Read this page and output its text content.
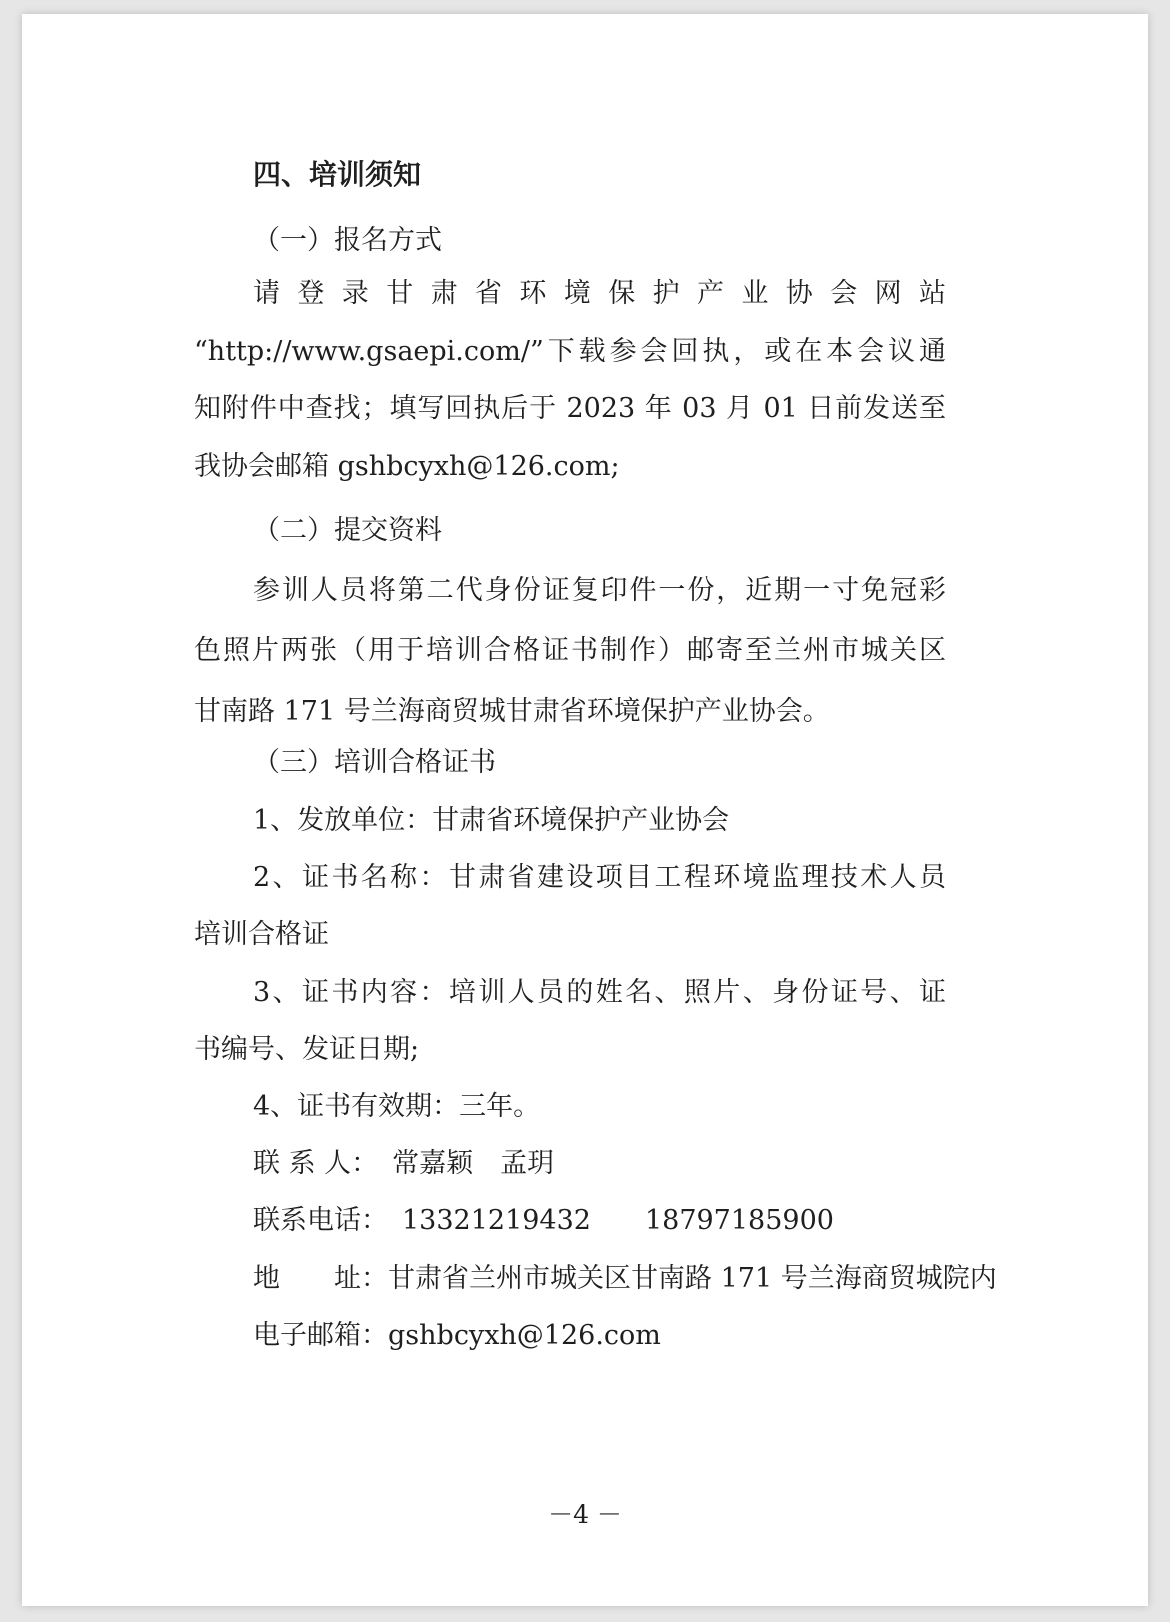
四、培训须知
（一）报名方式
请登录甘肃省环境保护产业协会网站
“http://www.gsaepi.com/”下载参会回执，或在本会议通
知附件中查找；填写回执后于 2023 年 03 月 01 日前发送至
我协会邮箱 gshbcyxh@126.com;
（二）提交资料
参训人员将第二代身份证复印件一份，近期一寸免冠彩
色照片两张（用于培训合格证书制作）邮寄至兰州市城关区
甘南路 171 号兰海商贸城甘肃省环境保护产业协会。
（三）培训合格证书
1、发放单位：甘肃省环境保护产业协会
2、证书名称：甘肃省建设项目工程环境监理技术人员
培训合格证
3、证书内容：培训人员的姓名、照片、身份证号、证
书编号、发证日期;
4、证书有效期：三年。
联 系 人： 常嘉颖　孟玥
联系电话： 13321219432　　18797185900
地　　址：甘肃省兰州市城关区甘南路 171 号兰海商贸城院内
电子邮箱：gshbcyxh@126.com
－4 －
